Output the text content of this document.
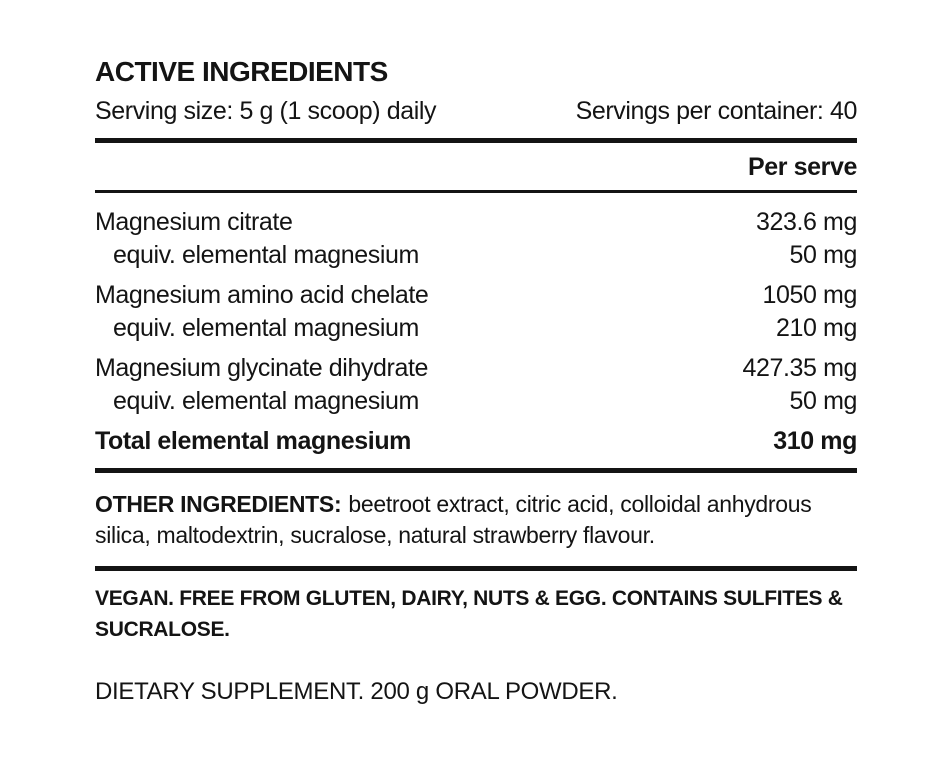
ACTIVE INGREDIENTS
Serving size: 5 g (1 scoop) daily	Servings per container: 40
Per serve
Magnesium citrate	323.6 mg
equiv. elemental magnesium	50 mg
Magnesium amino acid chelate	1050 mg
equiv. elemental magnesium	210 mg
Magnesium glycinate dihydrate	427.35 mg
equiv. elemental magnesium	50 mg
Total elemental magnesium	310 mg
OTHER INGREDIENTS: beetroot extract, citric acid, colloidal anhydrous silica, maltodextrin, sucralose, natural strawberry flavour.
VEGAN. FREE FROM GLUTEN, DAIRY, NUTS & EGG. CONTAINS SULFITES & SUCRALOSE.
DIETARY SUPPLEMENT. 200 g ORAL POWDER.
